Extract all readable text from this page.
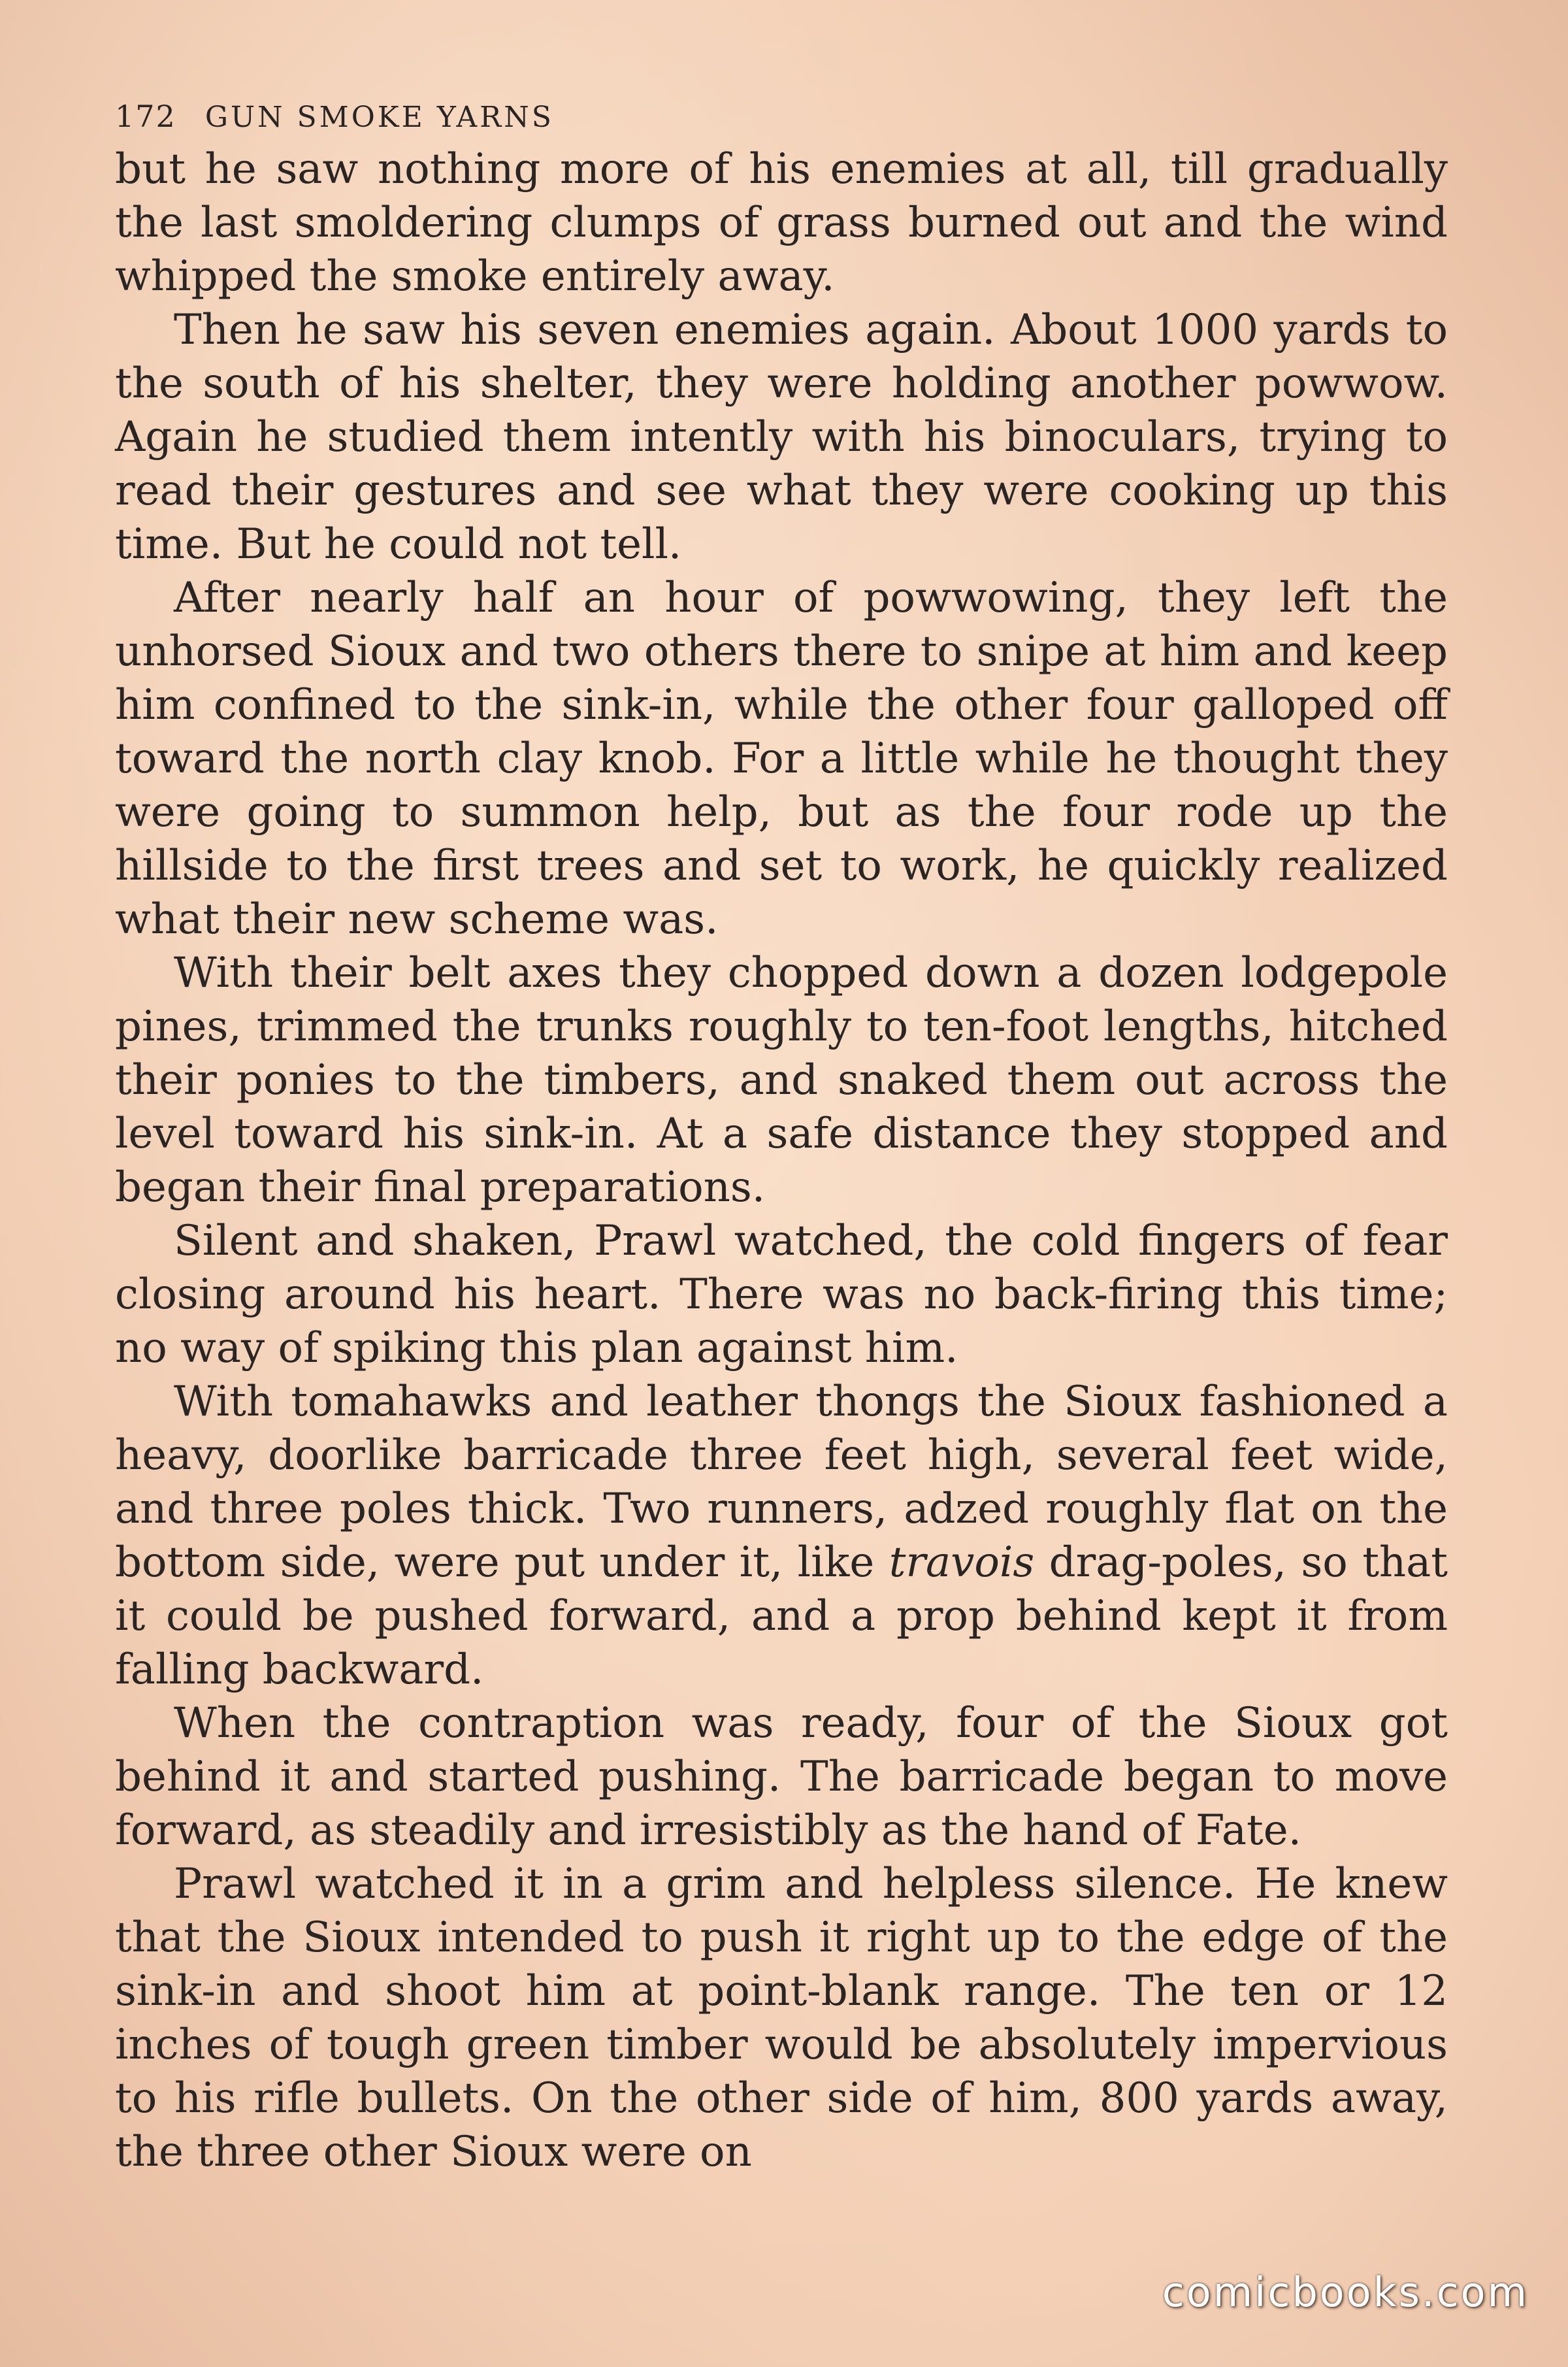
172 GUN SMOKE YARNS

but he saw nothing more of his enemies at all, till gradually the last smoldering clumps of grass burned out and the wind whipped the smoke entirely away.

Then he saw his seven enemies again. About 1000 yards to the south of his shelter, they were holding another powwow. Again he studied them intently with his binoculars, trying to read their gestures and see what they were cooking up this time. But he could not tell.

After nearly half an hour of powwowing, they left the unhorsed Sioux and two others there to snipe at him and keep him confined to the sink-in, while the other four galloped off toward the north clay knob. For a little while he thought they were going to summon help, but as the four rode up the hillside to the first trees and set to work, he quickly realized what their new scheme was.

With their belt axes they chopped down a dozen lodgepole pines, trimmed the trunks roughly to ten-foot lengths, hitched their ponies to the timbers, and snaked them out across the level toward his sink-in. At a safe distance they stopped and began their final preparations.

Silent and shaken, Prawl watched, the cold fingers of fear closing around his heart. There was no back-firing this time; no way of spiking this plan against him.

With tomahawks and leather thongs the Sioux fashioned a heavy, doorlike barricade three feet high, several feet wide, and three poles thick. Two runners, adzed roughly flat on the bottom side, were put under it, like travois drag-poles, so that it could be pushed forward, and a prop behind kept it from falling backward.

When the contraption was ready, four of the Sioux got behind it and started pushing. The barricade began to move forward, as steadily and irresistibly as the hand of Fate.

Prawl watched it in a grim and helpless silence. He knew that the Sioux intended to push it right up to the edge of the sink-in and shoot him at point-blank range. The ten or 12 inches of tough green timber would be absolutely impervious to his rifle bullets. On the other side of him, 800 yards away, the three other Sioux were on

comicbooks.com
